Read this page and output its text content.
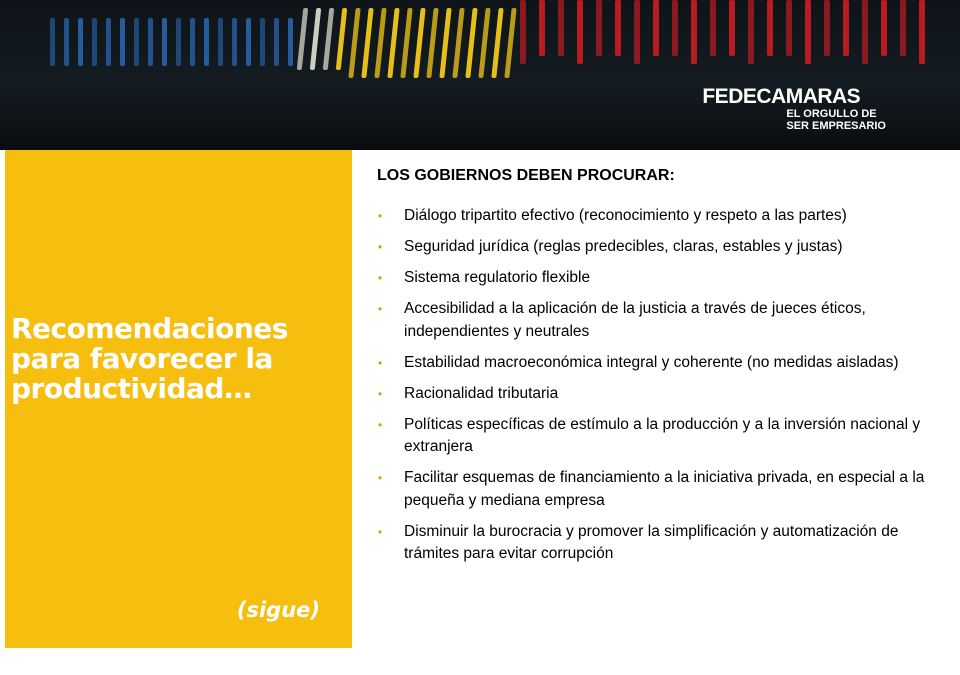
FEDECAMARAS
EL ORGULLO DE
SER EMPRESARIO
Recomendaciones
para favorecer la
productividad…
(sigue)
LOS GOBIERNOS DEBEN PROCURAR:
• Diálogo tripartito efectivo (reconocimiento y respeto a las partes)
• Seguridad jurídica (reglas predecibles, claras, estables y justas)
• Sistema regulatorio flexible
• Accesibilidad a la aplicación de la justicia a través de jueces éticos, independientes y neutrales
• Estabilidad macroeconómica integral y coherente (no medidas aisladas)
• Racionalidad tributaria
• Políticas específicas de estímulo a la producción y a la inversión nacional y extranjera
• Facilitar esquemas de financiamiento a la iniciativa privada, en especial a la pequeña y mediana empresa
• Disminuir la burocracia y promover la simplificación y automatización de trámites para evitar corrupción
